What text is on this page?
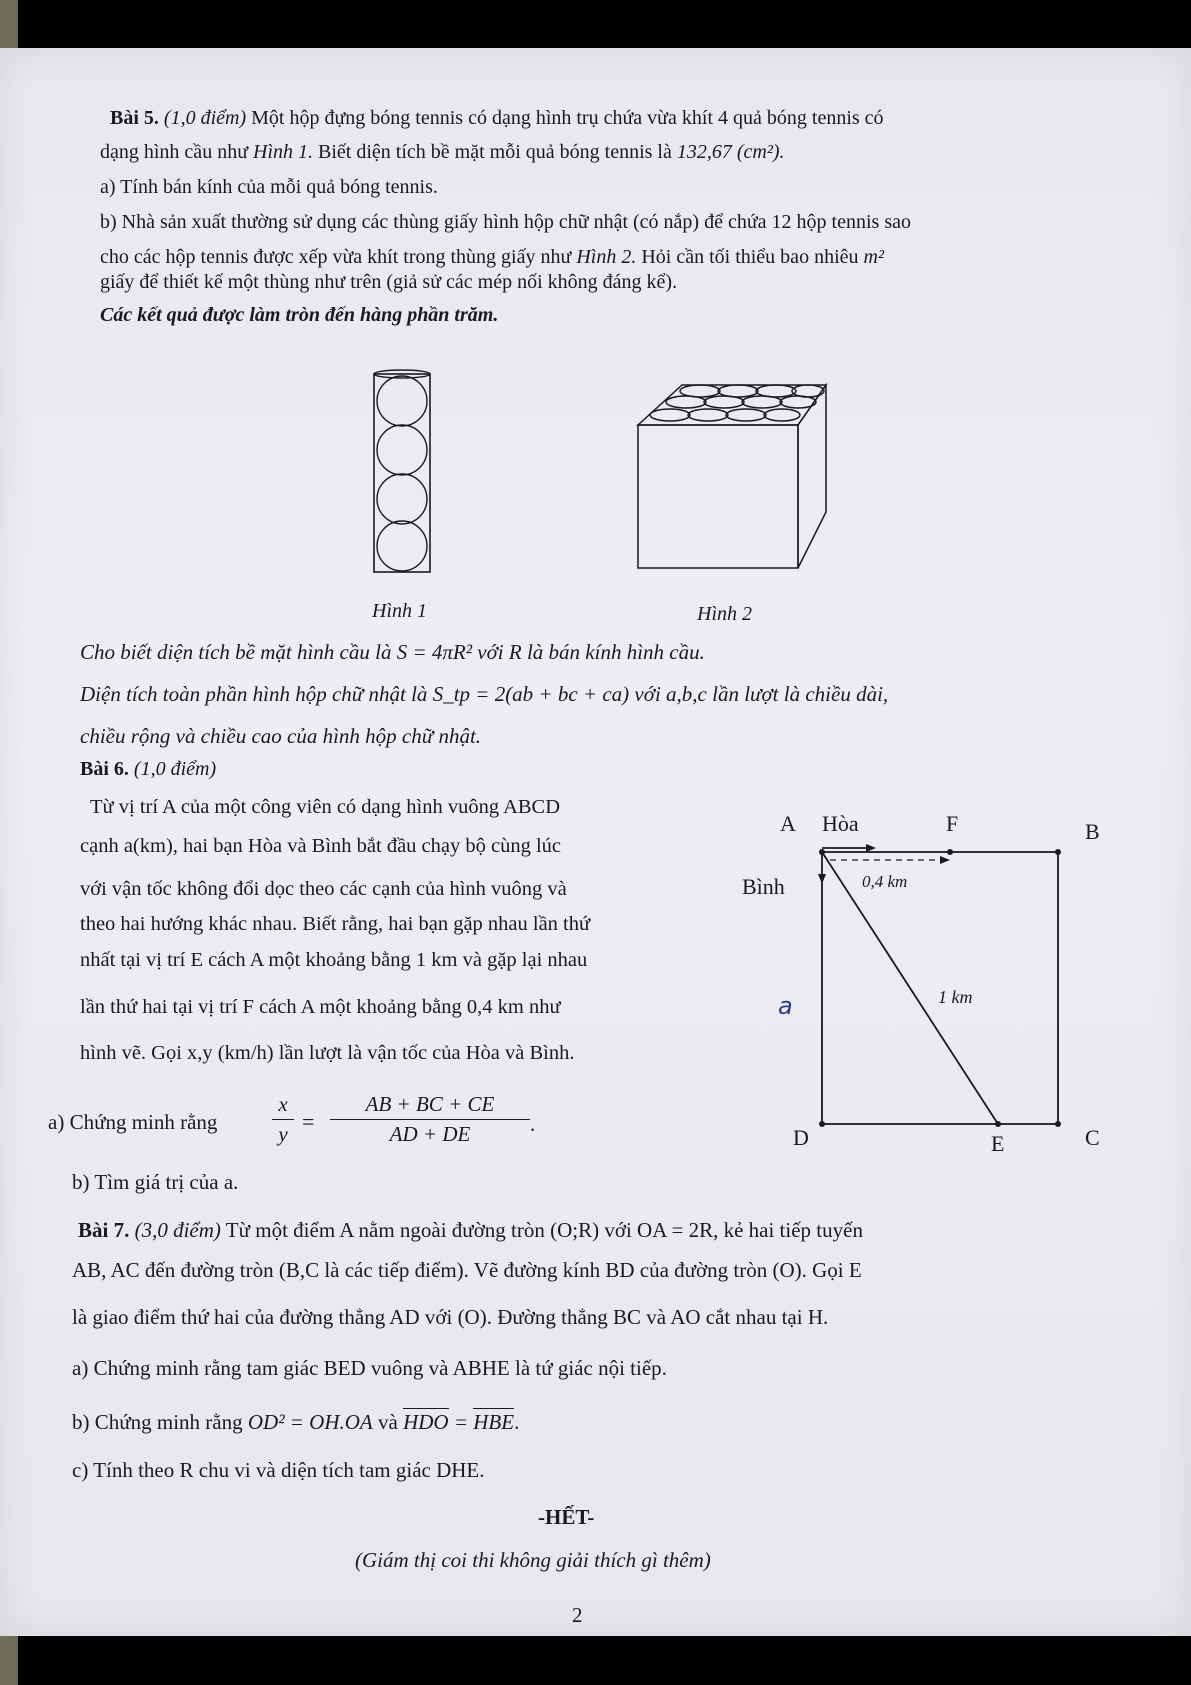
Bài 5. (1,0 điểm) Một hộp đựng bóng tennis có dạng hình trụ chứa vừa khít 4 quả bóng tennis có
dạng hình cầu như Hình 1. Biết diện tích bề mặt mỗi quả bóng tennis là 132,67 (cm²).
a) Tính bán kính của mỗi quả bóng tennis.
b) Nhà sản xuất thường sử dụng các thùng giấy hình hộp chữ nhật (có nắp) để chứa 12 hộp tennis sao
cho các hộp tennis được xếp vừa khít trong thùng giấy như Hình 2. Hỏi cần tối thiểu bao nhiêu m²
giấy để thiết kế một thùng như trên (giả sử các mép nối không đáng kể).
Các kết quả được làm tròn đến hàng phần trăm.
Hình 1	Hình 2
Cho biết diện tích bề mặt hình cầu là S = 4πR² với R là bán kính hình cầu.
Diện tích toàn phần hình hộp chữ nhật là S_tp = 2(ab + bc + ca) với a,b,c lần lượt là chiều dài,
chiều rộng và chiều cao của hình hộp chữ nhật.
Bài 6. (1,0 điểm)
Từ vị trí A của một công viên có dạng hình vuông ABCD
cạnh a(km), hai bạn Hòa và Bình bắt đầu chạy bộ cùng lúc
với vận tốc không đổi dọc theo các cạnh của hình vuông và
theo hai hướng khác nhau. Biết rằng, hai bạn gặp nhau lần thứ
nhất tại vị trí E cách A một khoảng bằng 1 km và gặp lại nhau
lần thứ hai tại vị trí F cách A một khoảng bằng 0,4 km như
hình vẽ. Gọi x,y (km/h) lần lượt là vận tốc của Hòa và Bình.
a) Chứng minh rằng
x
y =
AB + BC + CE
AD + DE	.
b) Tìm giá trị của a.
A Hòa	F	B
Bình	0,4 km
1 km
a
D	E	C
Bài 7. (3,0 điểm) Từ một điểm A nằm ngoài đường tròn (O;R) với OA = 2R, kẻ hai tiếp tuyến
AB, AC đến đường tròn (B,C là các tiếp điểm). Vẽ đường kính BD của đường tròn (O). Gọi E
là giao điểm thứ hai của đường thẳng AD với (O). Đường thẳng BC và AO cắt nhau tại H.
a) Chứng minh rằng tam giác BED vuông và ABHE là tứ giác nội tiếp.
b) Chứng minh rằng OD² = OH.OA và HDO = HBE.
c) Tính theo R chu vi và diện tích tam giác DHE.
-HẾT-
(Giám thị coi thi không giải thích gì thêm)
2
